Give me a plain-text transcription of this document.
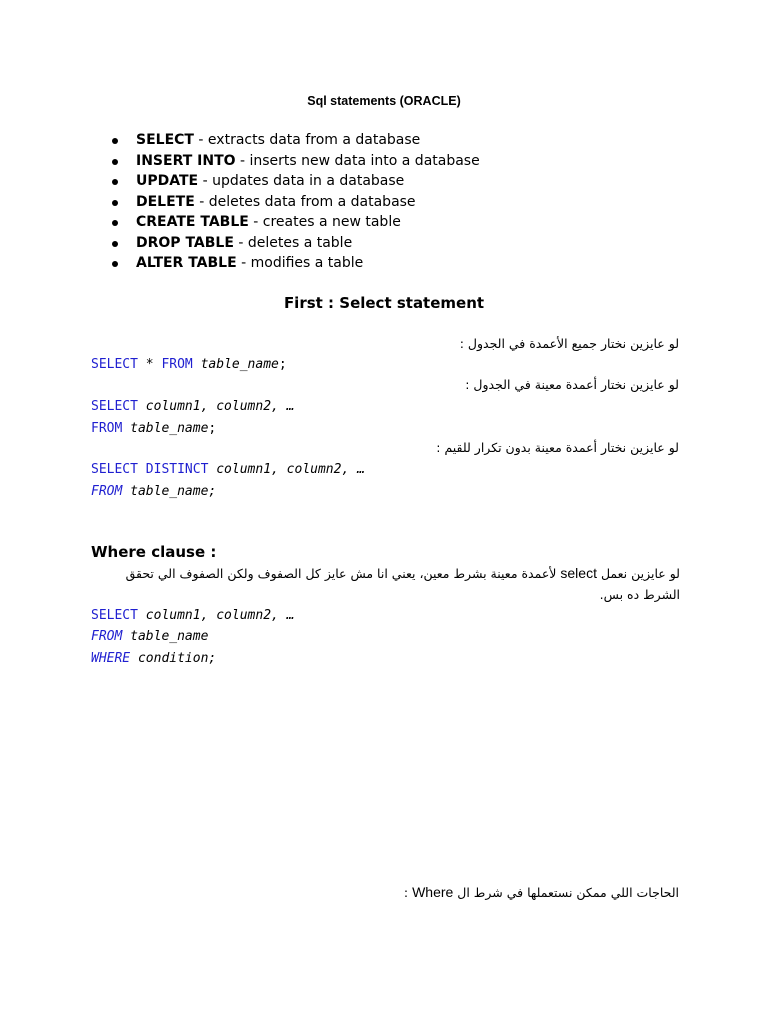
Sql statements (ORACLE)
SELECT - extracts data from a database
INSERT INTO - inserts new data into a database
UPDATE - updates data in a database
DELETE - deletes data from a database
CREATE TABLE - creates a new table
DROP TABLE - deletes a table
ALTER TABLE - modifies a table
First : Select statement
لو عايزين نختار جميع الأعمدة في الجدول :
SELECT * FROM table_name;
لو عايزين نختار أعمدة معينة في الجدول :
SELECT column1, column2, …
FROM table_name;
لو عايزين نختار أعمدة معينة بدون تكرار للقيم :
SELECT DISTINCT column1, column2, …
FROM table_name;
Where clause :
لو عايزين نعمل select لأعمدة معينة بشرط معين، يعني انا مش عايز كل الصفوف ولكن الصفوف الي تحقق الشرط ده بس.
SELECT column1, column2, …
FROM table_name
WHERE condition;
الحاجات اللي ممكن نستعملها في شرط ال Where :
